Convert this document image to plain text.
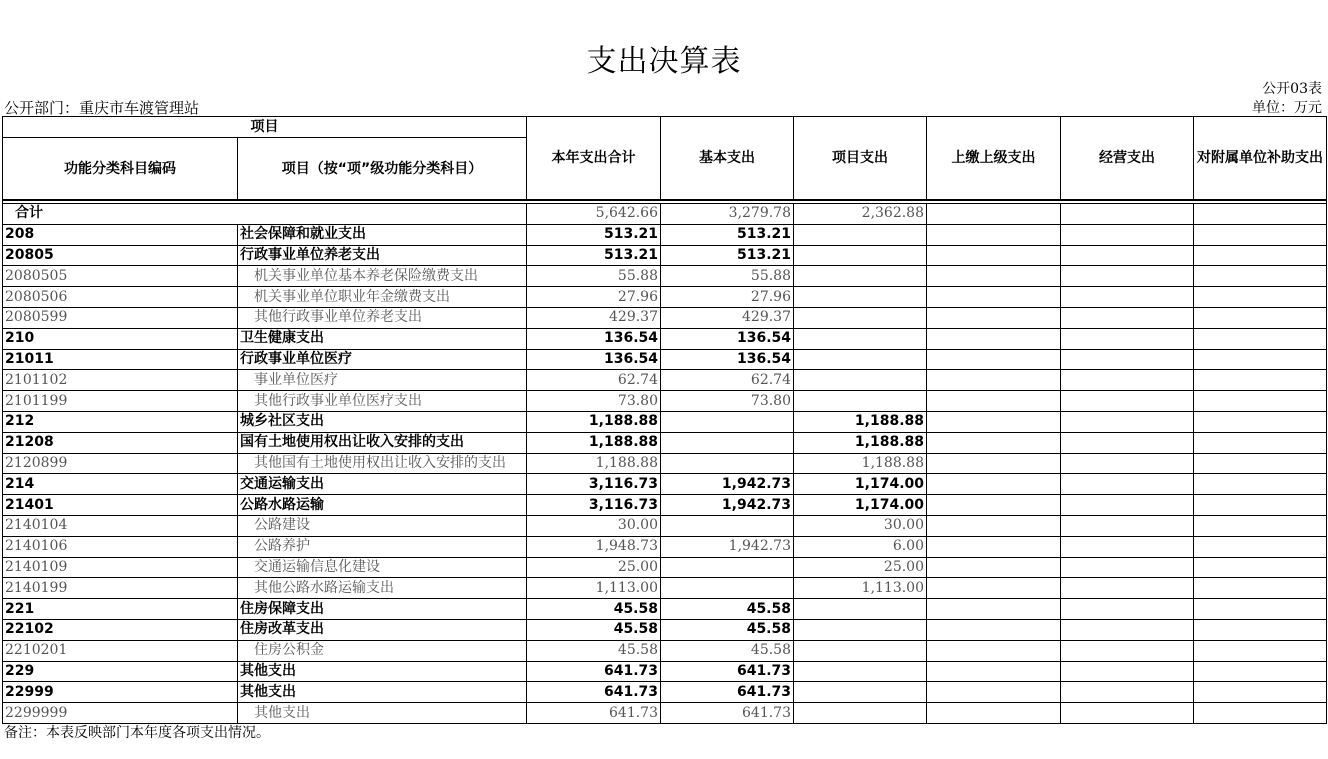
支出决算表
公开03表
公开部门：重庆市车渡管理站	单位：万元
项目		本年支出合计	基本支出	项目支出	上缴上级支出	经营支出	对附属单位补助支出
功能分类科目编码	项目（按“项”级功能分类科目）						

合计		5,642.66	3,279.78	2,362.88			
208	社会保障和就业支出	513.21	513.21				
20805	行政事业单位养老支出	513.21	513.21				
2080505	机关事业单位基本养老保险缴费支出	55.88	55.88				
2080506	机关事业单位职业年金缴费支出	27.96	27.96				
2080599	其他行政事业单位养老支出	429.37	429.37				
210	卫生健康支出	136.54	136.54				
21011	行政事业单位医疗	136.54	136.54				
2101102	事业单位医疗	62.74	62.74				
2101199	其他行政事业单位医疗支出	73.80	73.80				
212	城乡社区支出	1,188.88		1,188.88			
21208	国有土地使用权出让收入安排的支出	1,188.88		1,188.88			
2120899	其他国有土地使用权出让收入安排的支出	1,188.88		1,188.88			
214	交通运输支出	3,116.73	1,942.73	1,174.00			
21401	公路水路运输	3,116.73	1,942.73	1,174.00			
2140104	公路建设	30.00		30.00			
2140106	公路养护	1,948.73	1,942.73	6.00			
2140109	交通运输信息化建设	25.00		25.00			
2140199	其他公路水路运输支出	1,113.00		1,113.00			
221	住房保障支出	45.58	45.58				
22102	住房改革支出	45.58	45.58				
2210201	住房公积金	45.58	45.58				
229	其他支出	641.73	641.73				
22999	其他支出	641.73	641.73				
2299999	其他支出	641.73	641.73				
备注：本表反映部门本年度各项支出情况。
